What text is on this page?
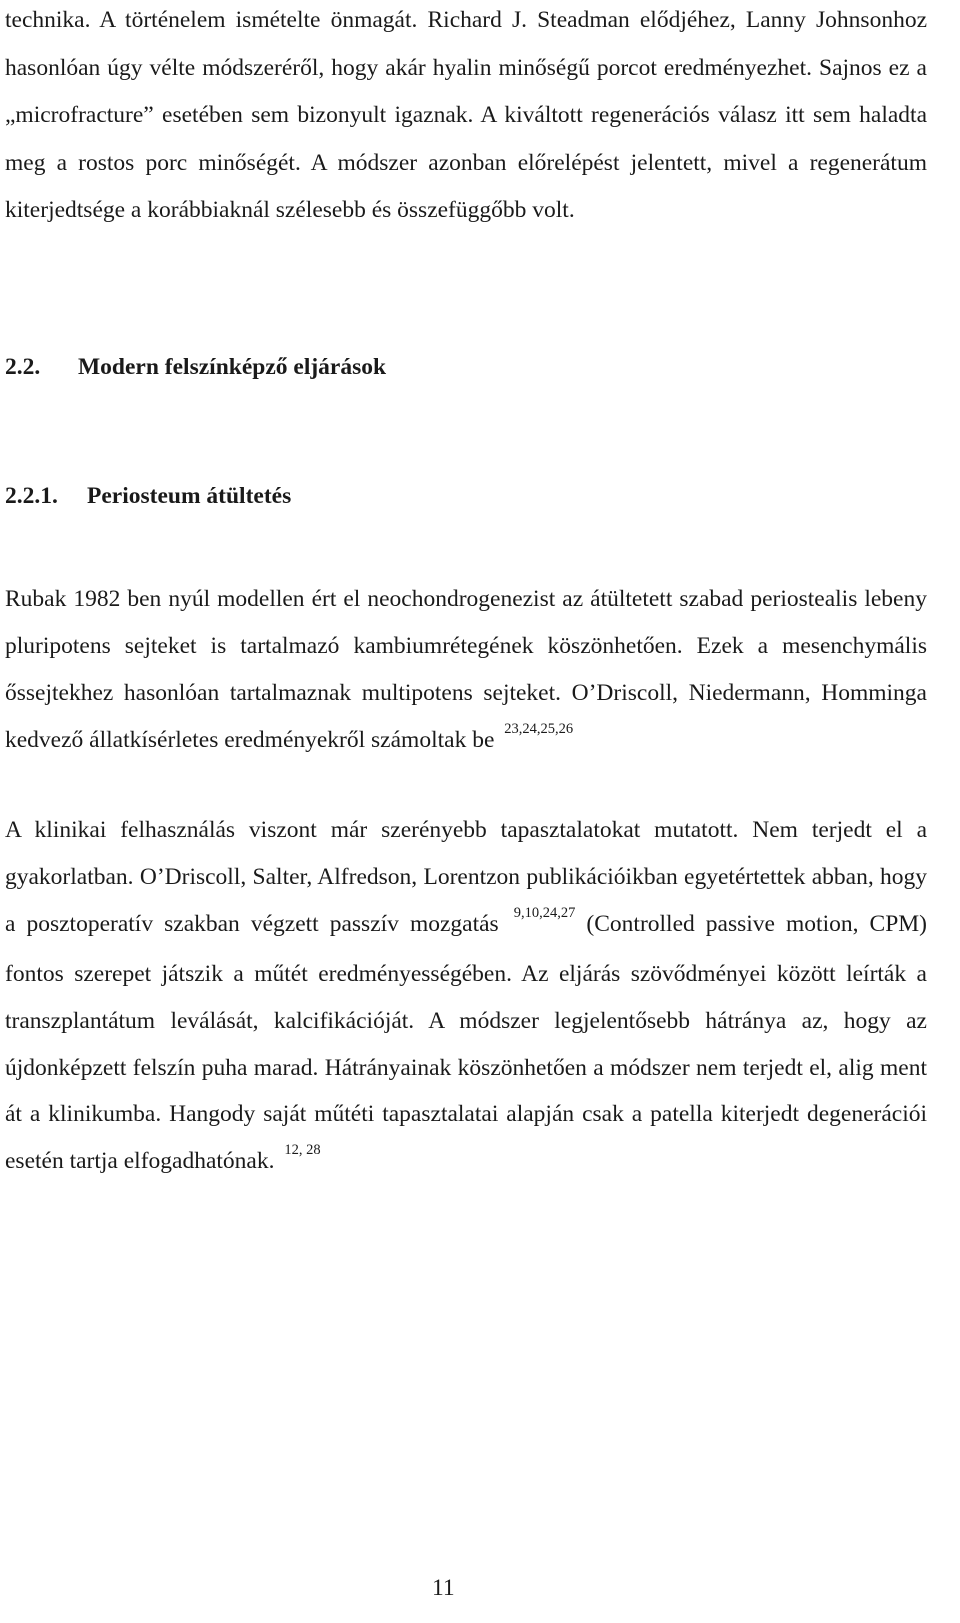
technika. A történelem ismételte önmagát. Richard J. Steadman elődjéhez, Lanny Johnsonhoz hasonlóan úgy vélte módszeréről, hogy akár hyalin minőségű porcot eredményezhet. Sajnos ez a „microfracture” esetében sem bizonyult igaznak. A kiváltott regenerációs válasz itt sem haladta meg a rostos porc minőségét. A módszer azonban előrelépést jelentett, mivel a regenerátum kiterjedtsége a korábbiaknál szélesebb és összefüggőbb volt.

2.2. Modern felszínképző eljárások
2.2.1. Periosteum átültetés

Rubak 1982 ben nyúl modellen ért el neochondrogenezist az átültetett szabad periostealis lebeny pluripotens sejteket is tartalmazó kambiumrétegének köszönhetően. Ezek a mesenchymális őssejtekhez hasonlóan tartalmaznak multipotens sejteket. O’Driscoll, Niedermann, Homminga kedvező állatkísérletes eredményekről számoltak be $^{23,24,25,26}$

A klinikai felhasználás viszont már szerényebb tapasztalatokat mutatott. Nem terjedt el a gyakorlatban. O’Driscoll, Salter, Alfredson, Lorentzon publikációikban egyetértettek abban, hogy a posztoperatív szakban végzett passzív mozgatás $^{9,10,24,27}$ (Controlled passive motion, CPM) fontos szerepet játszik a műtét eredményességében. Az eljárás szövődményei között leírták a transzplantátum leválását, kalcifikációját. A módszer legjelentősebb hátránya az, hogy az újdonképzett felszín puha marad. Hátrányainak köszönhetően a módszer nem terjedt el, alig ment át a klinikumba. Hangody saját műtéti tapasztalatai alapján csak a patella kiterjedt degenerációi esetén tartja elfogadhatónak. $^{12, 28}$

11
